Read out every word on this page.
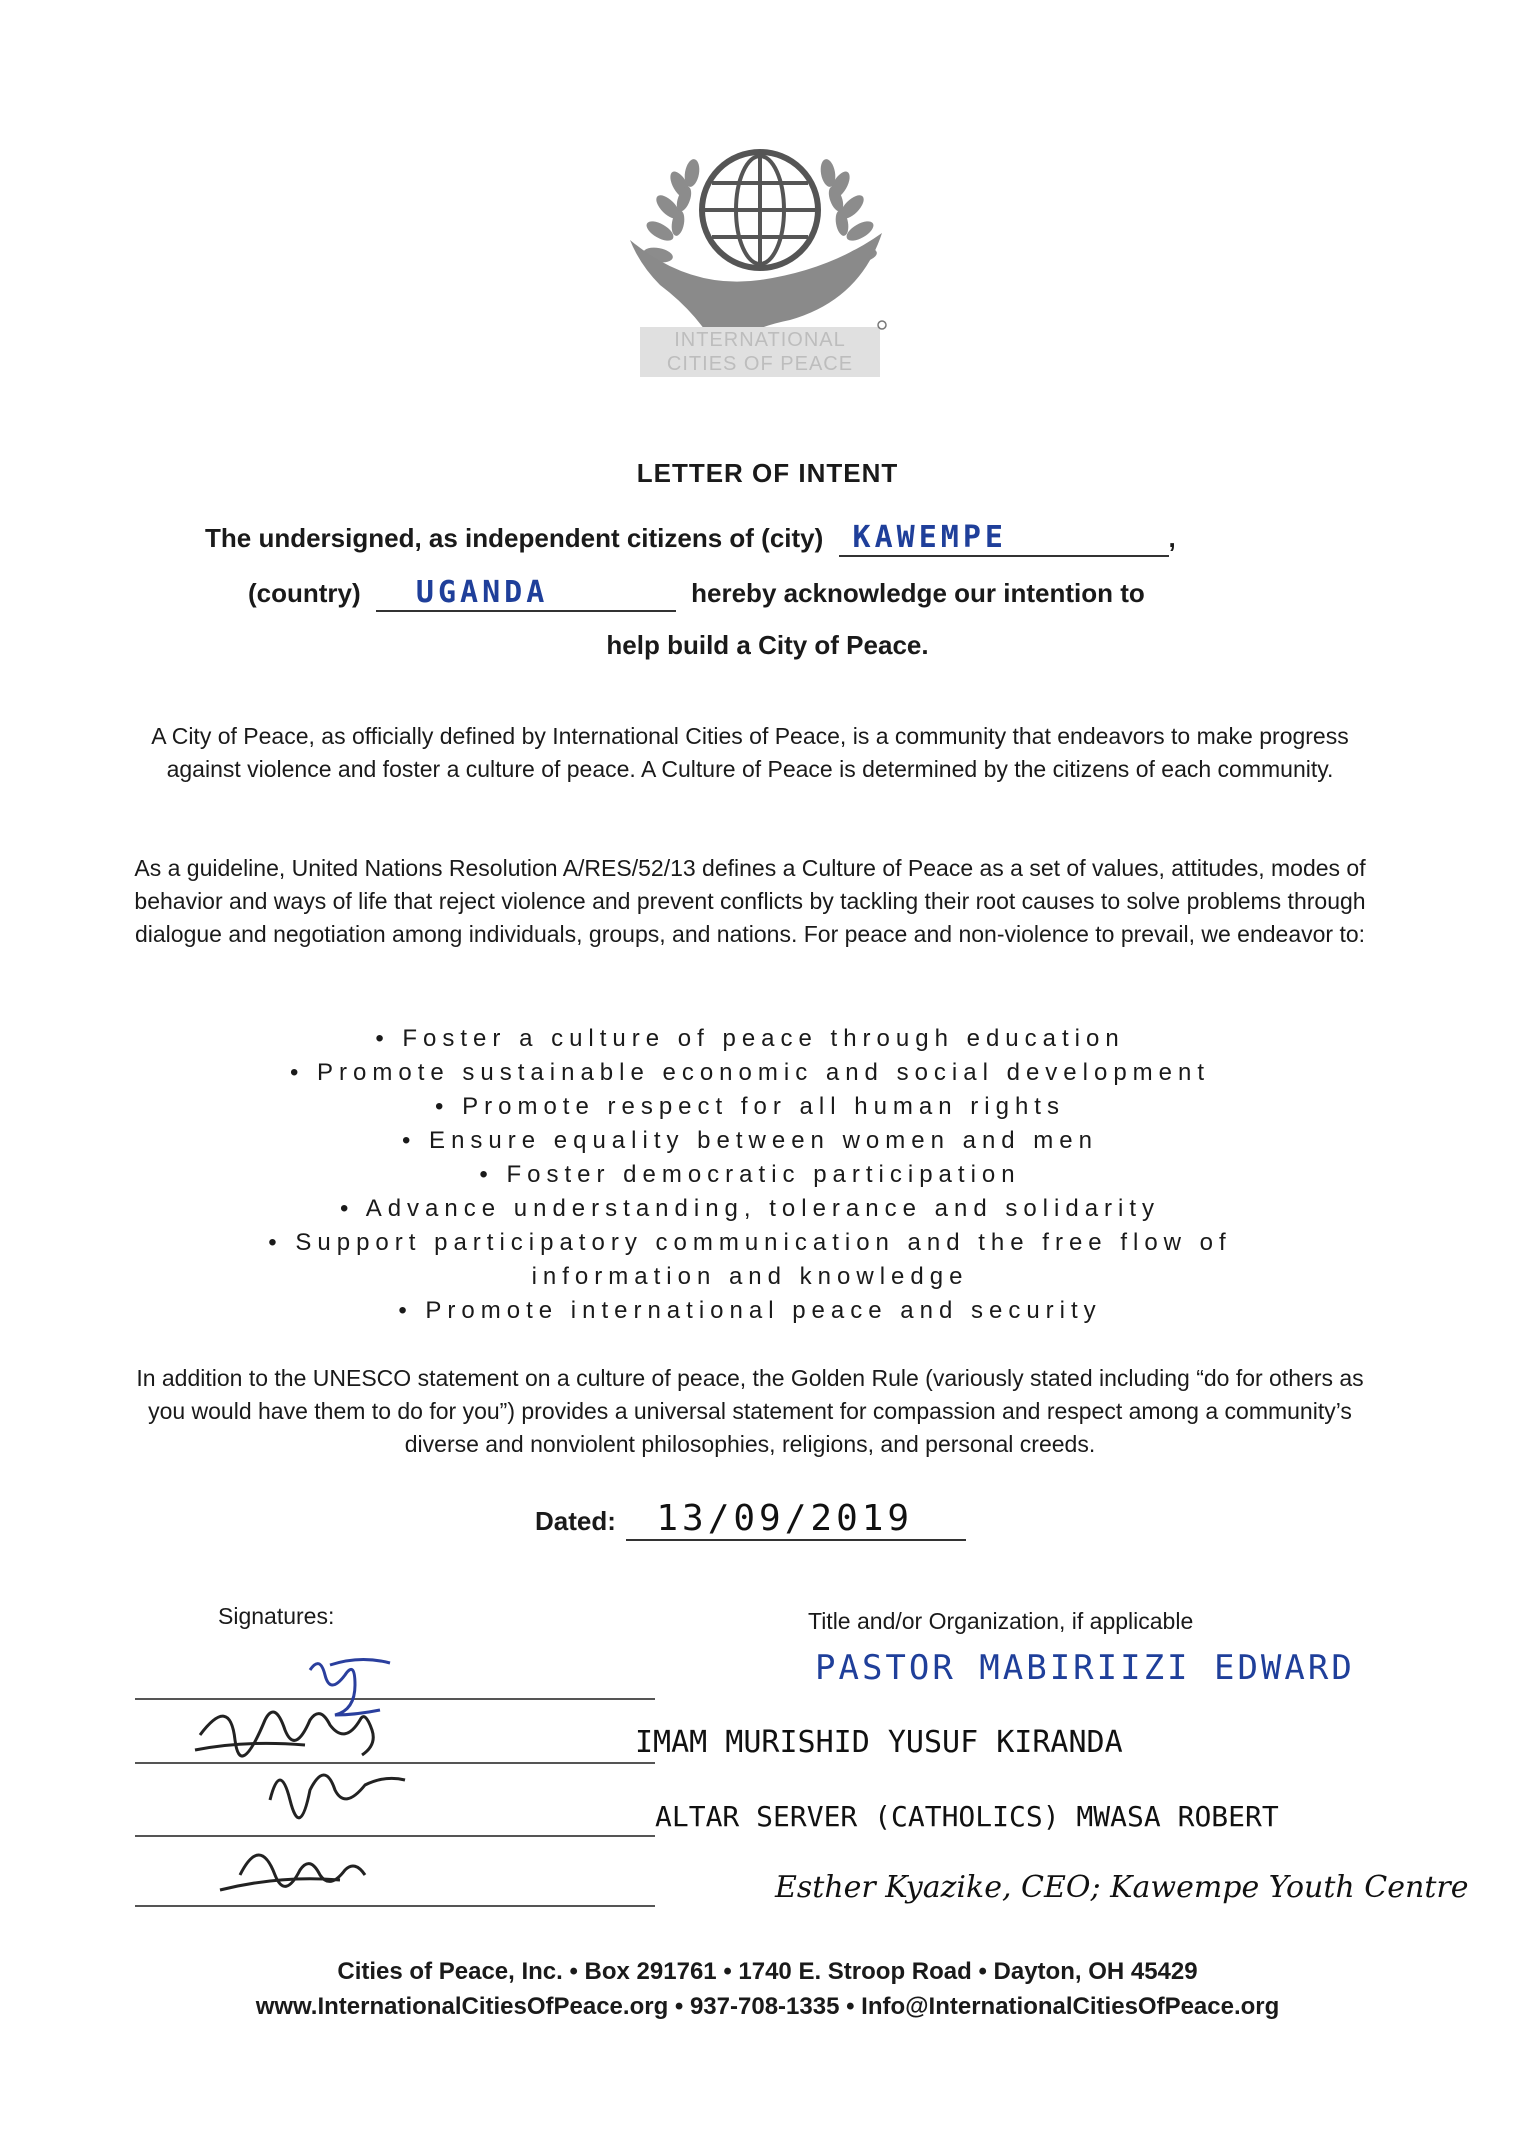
INTERNATIONAL CITIES OF PEACE
LETTER OF INTENT
The undersigned, as independent citizens of (city) KAWEMPE	,
(country) UGANDA	hereby acknowledge our intention to
help build a City of Peace.
A City of Peace, as officially defined by International Cities of Peace, is a community that endeavors to make progress against violence and foster a culture of peace. A Culture of Peace is determined by the citizens of each community.
As a guideline, United Nations Resolution A/RES/52/13 defines a Culture of Peace as a set of values, attitudes, modes of behavior and ways of life that reject violence and prevent conflicts by tackling their root causes to solve problems through dialogue and negotiation among individuals, groups, and nations. For peace and non-violence to prevail, we endeavor to:
• Foster a culture of peace through education
• Promote sustainable economic and social development
• Promote respect for all human rights
• Ensure equality between women and men
• Foster democratic participation
• Advance understanding, tolerance and solidarity
• Support participatory communication and the free flow of
information and knowledge
• Promote international peace and security
In addition to the UNESCO statement on a culture of peace, the Golden Rule (variously stated including “do for others as you would have them to do for you”) provides a universal statement for compassion and respect among a community’s diverse and nonviolent philosophies, religions, and personal creeds.
Dated: 13/09/2019
Signatures:	Title and/or Organization, if applicable
PASTOR MABIRIIZI EDWARD
IMAM MURISHID YUSUF KIRANDA
ALTAR SERVER (CATHOLICS) MWASA ROBERT
Esther Kyazike, CEO; Kawempe Youth Centre
Cities of Peace, Inc. • Box 291761 • 1740 E. Stroop Road • Dayton, OH 45429
www.InternationalCitiesOfPeace.org • 937-708-1335 • Info@InternationalCitiesOfPeace.org
